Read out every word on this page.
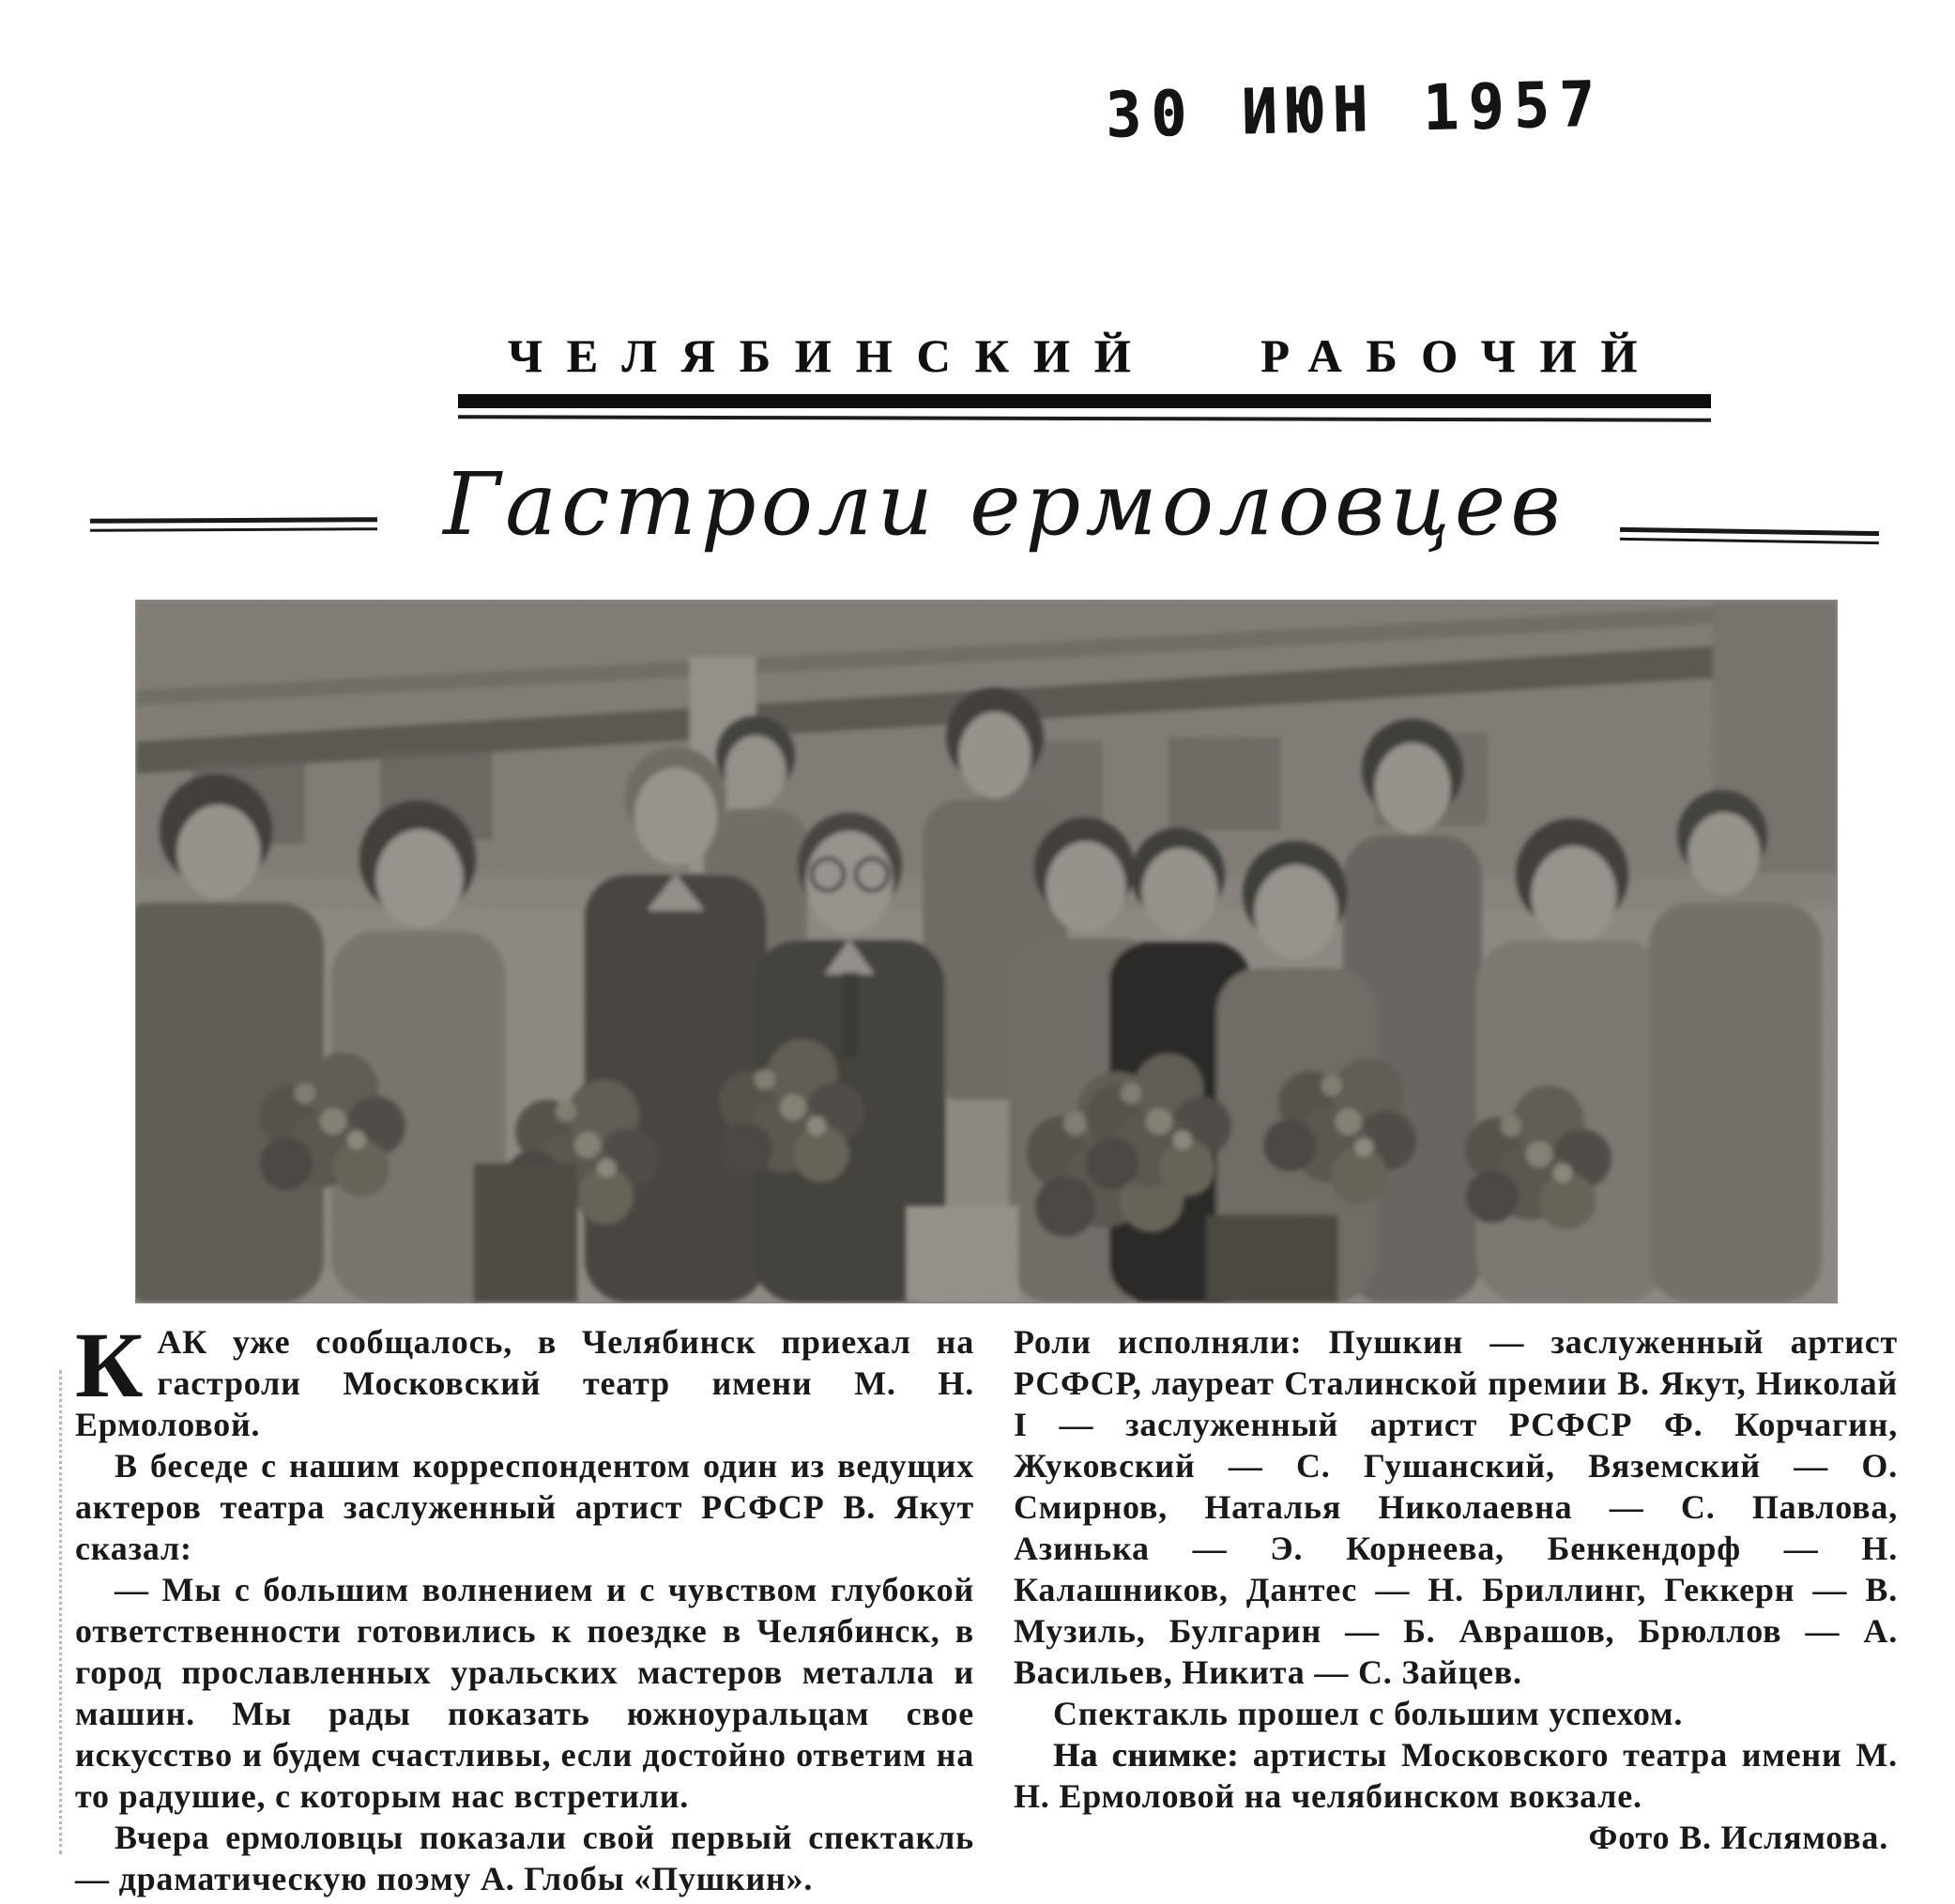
30 ИЮН 1957
ЧЕЛЯБИНСКИЙ РАБОЧИЙ
Гастроли ермоловцев

КАК уже сообщалось, в Челябинск приехал на гастроли Московский театр имени М. Н. Ермоловой.

В беседе с нашим корреспондентом один из ведущих актеров театра заслуженный артист РСФСР В. Якут сказал:

— Мы с большим волнением и с чувством глубокой ответственности готовились к поездке в Челябинск, в город прославленных уральских мастеров металла и машин. Мы рады показать южноуральцам свое искусство и будем счастливы, если достойно ответим на то радушие, с которым нас встретили.

Вчера ермоловцы показали свой первый спектакль — драматическую поэму А. Глобы «Пушкин».

Роли исполняли: Пушкин — заслуженный артист РСФСР, лауреат Сталинской премии В. Якут, Николай I — заслуженный артист РСФСР Ф. Корчагин, Жуковский — С. Гушанский, Вяземский — О. Смирнов, Наталья Николаевна — С. Павлова, Азинька — Э. Корнеева, Бенкендорф — Н. Калашников, Дантес — Н. Бриллинг, Геккерн — В. Музиль, Булгарин — Б. Аврашов, Брюллов — А. Васильев, Никита — С. Зайцев.

Спектакль прошел с большим успехом.

На снимке: артисты Московского театра имени М. Н. Ермоловой на челябинском вокзале.

Фото В. Ислямова.
